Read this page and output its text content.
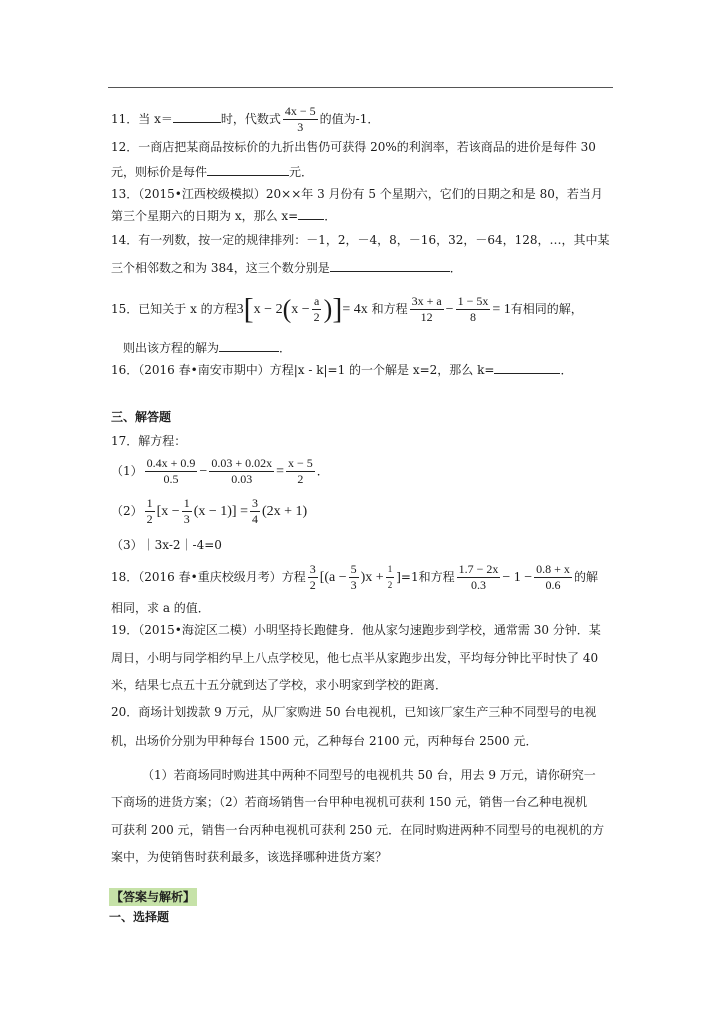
11．当 x＝	时，代数式 $\frac{4x - 5}{3}$ 的值为-1．
12．一商店把某商品按标价的九折出售仍可获得 20%的利润率，若该商品的进价是每件 30
元，则标价是每件	元．
13．（2015•江西校级模拟）20××年 3 月份有 5 个星期六，它们的日期之和是 80，若当月
第三个星期六的日期为 x，那么 x= ．
14．有一列数，按一定的规律排列：－1，2，－4，8，－16，32，－64，128，…，其中某
三个相邻数之和为 384，这三个数分别是	．
15．已知关于 x 的方程$3[x - 2(x - \frac{a}{2}$ )]= 4x 和方程 $\frac{3x + a}{12} - \frac{1 - 5x}{8} = 1$有相同的解，
则出该方程的解为	．
16．（2016 春•南安市期中）方程|x - k|=1 的一个解是 x=2，那么 k=	．
三、解答题
17．解方程：
$(1) \frac{0.4x + 0.9}{0.5} - \frac{0.03 + 0.02x}{0.03} = \frac{x - 5}{2}$ ．
$(2) \frac{1}{2} [x - \frac{1}{3} (x - 1)] = \frac{3}{4} (2x + 1)$
（3）｜3x-2｜-4=0
18．（2016 春•重庆校级月考）方程 $\frac{3}{2} [(a - \frac{5}{3} )x + \frac{1}{2} ]=1$和方程 $\frac{1.7 - 2x}{0.3} - 1 - \frac{0.8 + x}{0.6}$ 的解
相同，求 a 的值．
19．（2015•海淀区二模）小明坚持长跑健身．他从家匀速跑步到学校，通常需 30 分钟．某
周日，小明与同学相约早上八点学校见，他七点半从家跑步出发，平均每分钟比平时快了 40
米，结果七点五十五分就到达了学校，求小明家到学校的距离．
20．商场计划拨款 9 万元，从厂家购进 50 台电视机，已知该厂家生产三种不同型号的电视
机，出场价分别为甲种每台 1500 元，乙种每台 2100 元，丙种每台 2500 元．
（1）若商场同时购进其中两种不同型号的电视机共 50 台，用去 9 万元，请你研究一
下商场的进货方案；（2）若商场销售一台甲种电视机可获利 150 元，销售一台乙种电视机
可获利 200 元，销售一台丙种电视机可获利 250 元．在同时购进两种不同型号的电视机的方
案中，为使销售时获利最多，该选择哪种进货方案？
【答案与解析】
一、选择题
